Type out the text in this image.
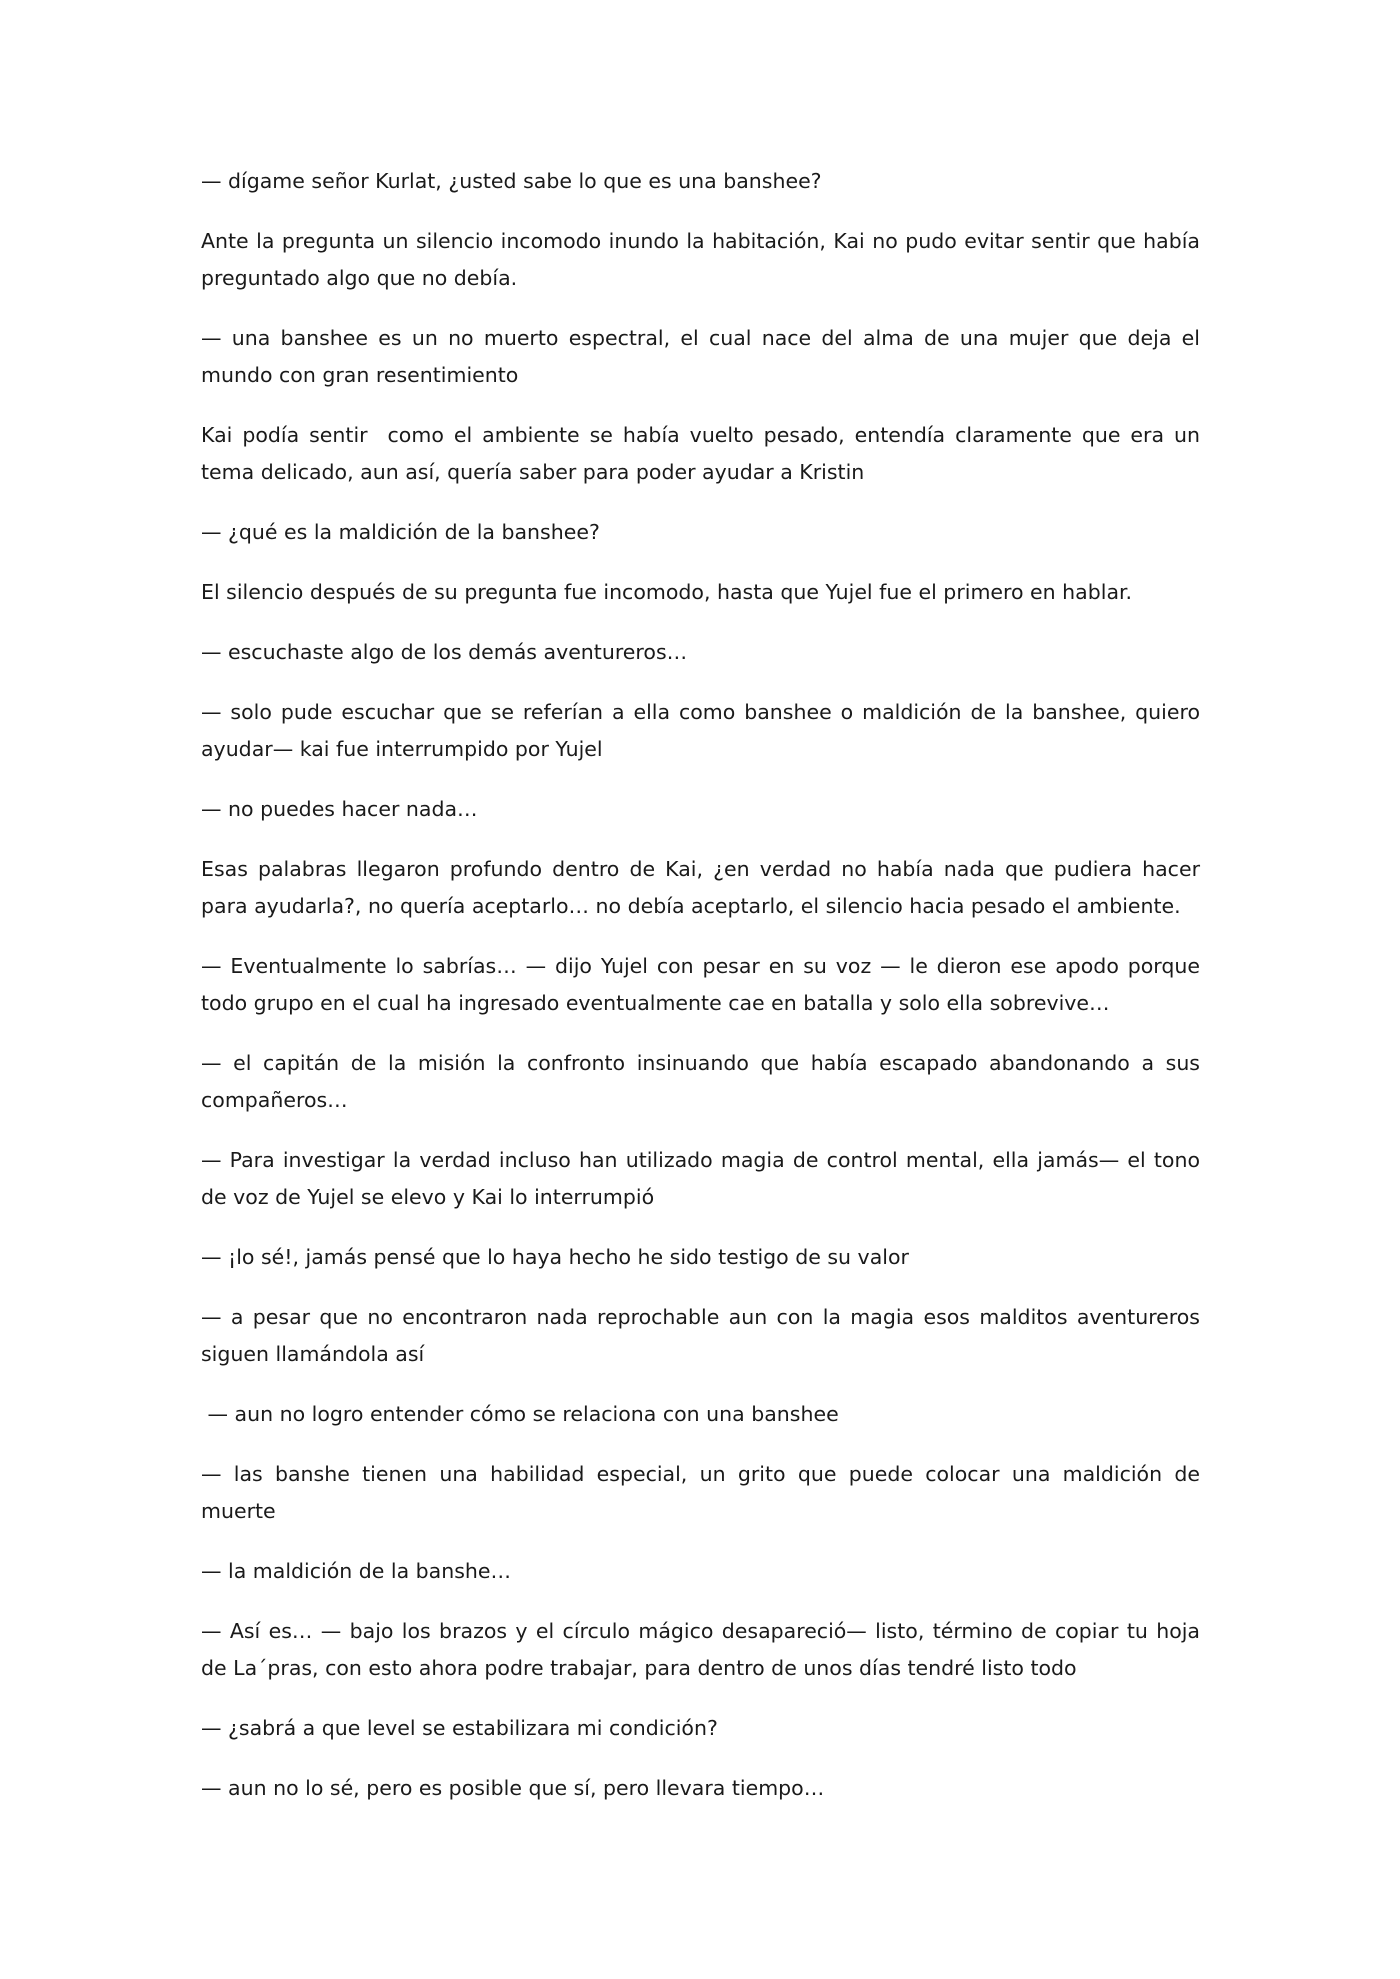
— dígame señor Kurlat, ¿usted sabe lo que es una banshee?

Ante la pregunta un silencio incomodo inundo la habitación, Kai no pudo evitar sentir que había preguntado algo que no debía.

— una banshee es un no muerto espectral, el cual nace del alma de una mujer que deja el mundo con gran resentimiento

Kai podía sentir  como el ambiente se había vuelto pesado, entendía claramente que era un tema delicado, aun así, quería saber para poder ayudar a Kristin

— ¿qué es la maldición de la banshee?

El silencio después de su pregunta fue incomodo, hasta que Yujel fue el primero en hablar.

— escuchaste algo de los demás aventureros…

— solo pude escuchar que se referían a ella como banshee o maldición de la banshee, quiero ayudar— kai fue interrumpido por Yujel

— no puedes hacer nada…

Esas palabras llegaron profundo dentro de Kai, ¿en verdad no había nada que pudiera hacer para ayudarla?, no quería aceptarlo… no debía aceptarlo, el silencio hacia pesado el ambiente.

— Eventualmente lo sabrías… — dijo Yujel con pesar en su voz — le dieron ese apodo porque todo grupo en el cual ha ingresado eventualmente cae en batalla y solo ella sobrevive…

— el capitán de la misión la confronto insinuando que había escapado abandonando a sus compañeros…

— Para investigar la verdad incluso han utilizado magia de control mental, ella jamás— el tono de voz de Yujel se elevo y Kai lo interrumpió

— ¡lo sé!, jamás pensé que lo haya hecho he sido testigo de su valor

— a pesar que no encontraron nada reprochable aun con la magia esos malditos aventureros siguen llamándola así

— aun no logro entender cómo se relaciona con una banshee

— las banshe tienen una habilidad especial, un grito que puede colocar una maldición de muerte

— la maldición de la banshe…

— Así es… — bajo los brazos y el círculo mágico desapareció— listo, término de copiar tu hoja de La´pras, con esto ahora podre trabajar, para dentro de unos días tendré listo todo

— ¿sabrá a que level se estabilizara mi condición?

— aun no lo sé, pero es posible que sí, pero llevara tiempo…
